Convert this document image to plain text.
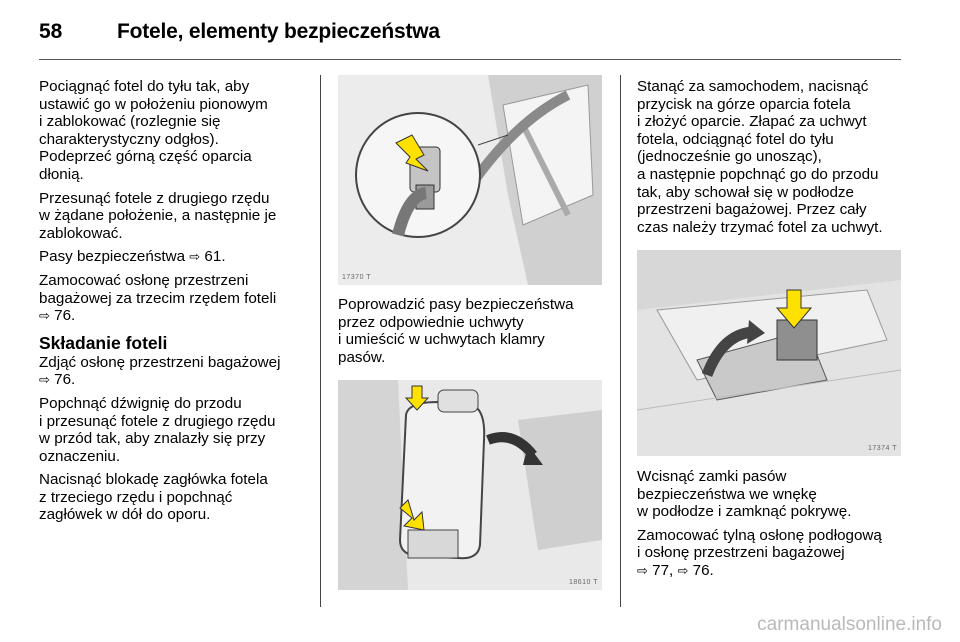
58	Fotele, elementy bezpieczeństwa

Pociągnąć fotel do tyłu tak, aby
ustawić go w położeniu pionowym
i zablokować (rozlegnie się
charakterystyczny odgłos).
Podeprzeć górną część oparcia
dłonią.

Przesunąć fotele z drugiego rzędu
w żądane położenie, a następnie je
zablokować.

Pasy bezpieczeństwa ⇨ 61.

Zamocować osłonę przestrzeni
bagażowej za trzecim rzędem foteli
⇨ 76.

Składanie foteli

Zdjąć osłonę przestrzeni bagażowej
⇨ 76.

Popchnąć dźwignię do przodu
i przesunąć fotele z drugiego rzędu
w przód tak, aby znalazły się przy
oznaczeniu.

Nacisnąć blokadę zagłówka fotela
z trzeciego rzędu i popchnąć
zagłówek w dół do oporu.

17370 T

Poprowadzić pasy bezpieczeństwa
przez odpowiednie uchwyty
i umieścić w uchwytach klamry
pasów.

18610 T

Stanąć za samochodem, nacisnąć
przycisk na górze oparcia fotela
i złożyć oparcie. Złapać za uchwyt
fotela, odciągnąć fotel do tyłu
(jednocześnie go unosząc),
a następnie popchnąć go do przodu
tak, aby schował się w podłodze
przestrzeni bagażowej. Przez cały
czas należy trzymać fotel za uchwyt.

17374 T

Wcisnąć zamki pasów
bezpieczeństwa we wnękę
w podłodze i zamknąć pokrywę.

Zamocować tylną osłonę podłogową
i osłonę przestrzeni bagażowej
⇨ 77, ⇨ 76.

carmanualsonline.info
